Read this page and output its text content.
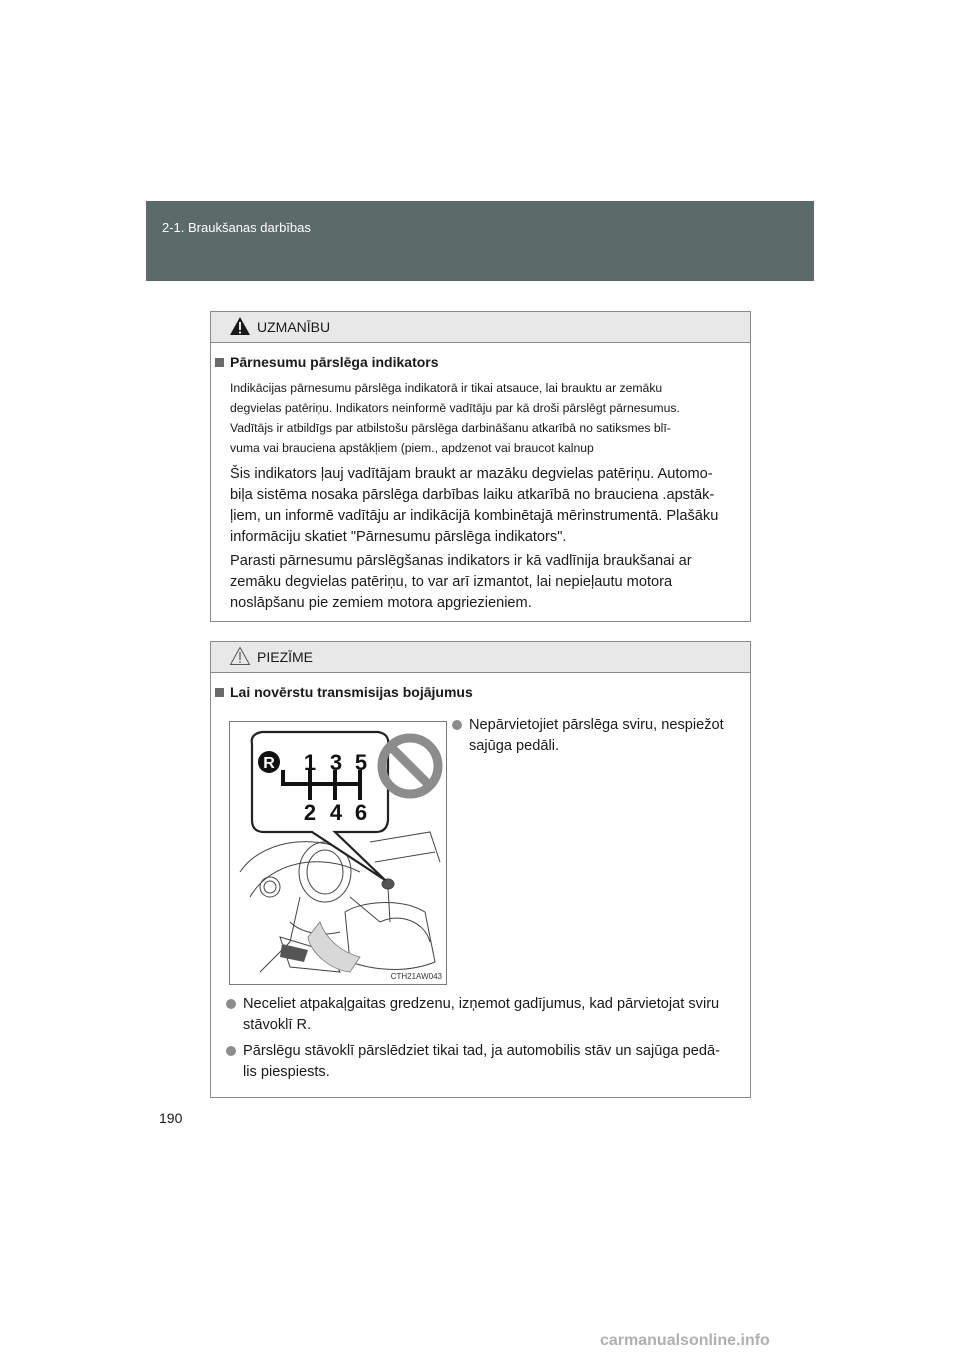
2-1. Braukšanas darbības
UZMANĪBU
Pārnesumu pārslēga indikators
Indikācijas pārnesumu pārslēga indikatorā ir tikai atsauce, lai brauktu ar zemāku
degvielas patēriņu. Indikators neinformē vadītāju par kā droši pārslēgt pārnesumus.
Vadītājs ir atbildīgs par atbilstošu pārslēga darbināšanu atkarībā no satiksmes blī-
vuma vai brauciena apstākļiem (piem., apdzenot vai braucot kalnup
Šis indikators ļauj vadītājam braukt ar mazāku degvielas patēriņu. Automo-
biļa sistēma nosaka pārslēga darbības laiku atkarībā no brauciena .apstāk-
ļiem, un informē vadītāju ar indikācijā kombinētajā mērinstrumentā. Plašāku
informāciju skatiet "Pārnesumu pārslēga indikators".
Parasti pārnesumu pārslēgšanas indikators ir kā vadlīnija braukšanai ar
zemāku degvielas patēriņu, to var arī izmantot, lai nepieļautu motora
noslāpšanu pie zemiem motora apgriezieniem.
PIEZĪME
Lai novērstu transmisijas bojājumus
R 1 3 5
2 4 6
CTH21AW043
Nepārvietojiet pārslēga sviru, nespiežot
sajūga pedāli.
Neceliet atpakaļgaitas gredzenu, izņemot gadījumus, kad pārvietojat sviru
stāvoklī R.
Pārslēgu stāvoklī pārslēdziet tikai tad, ja automobilis stāv un sajūga pedā-
lis piespiests.
190
carmanualsonline.info
